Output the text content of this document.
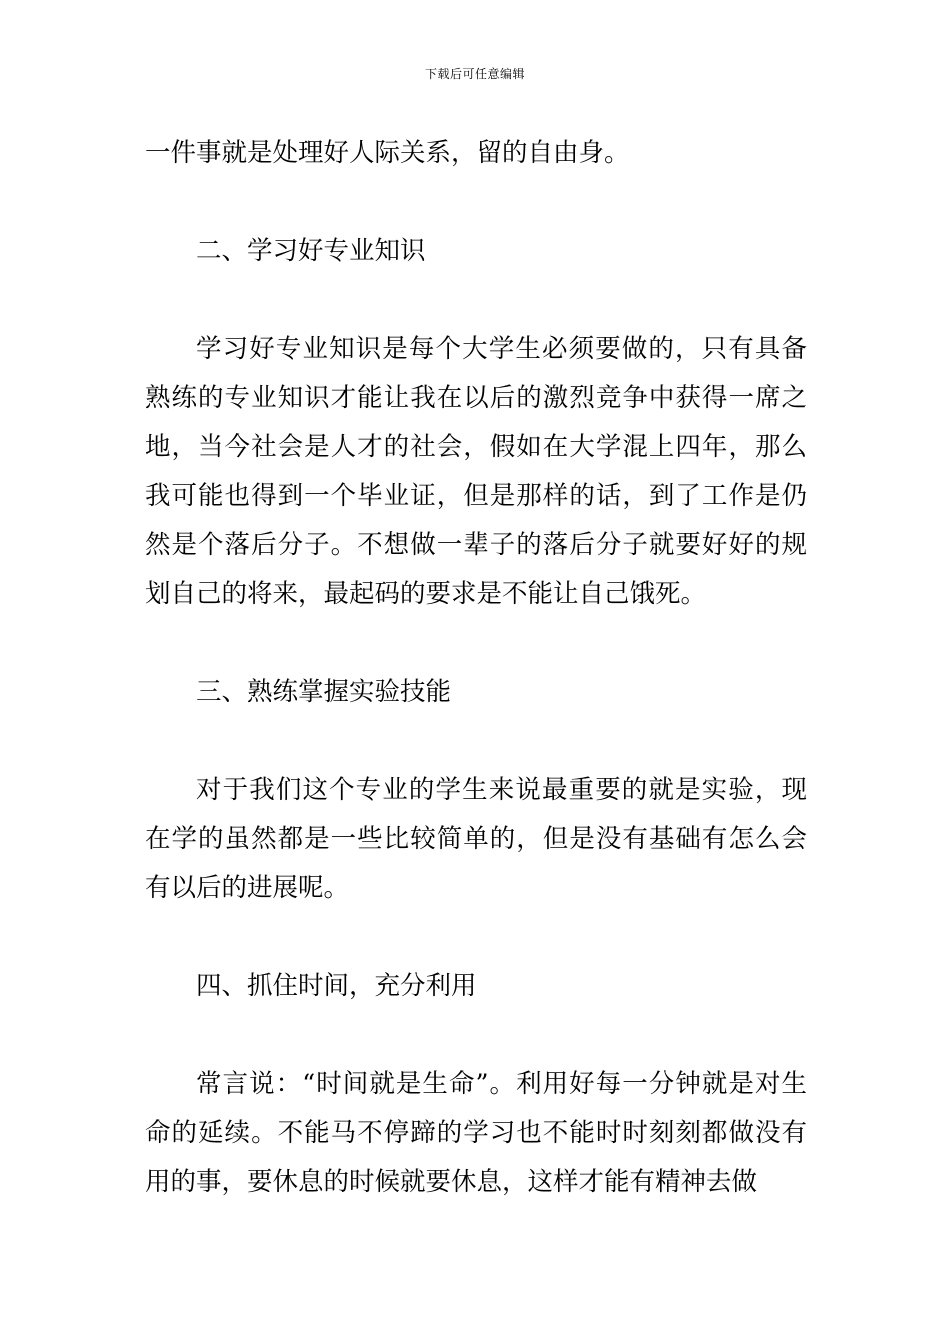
下载后可任意编辑

一件事就是处理好人际关系，留的自由身。

二、学习好专业知识

学习好专业知识是每个大学生必须要做的，只有具备熟练的专业知识才能让我在以后的激烈竞争中获得一席之地，当今社会是人才的社会，假如在大学混上四年，那么我可能也得到一个毕业证，但是那样的话，到了工作是仍然是个落后分子。不想做一辈子的落后分子就要好好的规划自己的将来，最起码的要求是不能让自己饿死。

三、熟练掌握实验技能

对于我们这个专业的学生来说最重要的就是实验，现在学的虽然都是一些比较简单的，但是没有基础有怎么会有以后的进展呢。

四、抓住时间，充分利用

常言说：“时间就是生命”。利用好每一分钟就是对生命的延续。不能马不停蹄的学习也不能时时刻刻都做没有用的事，要休息的时候就要休息，这样才能有精神去做
